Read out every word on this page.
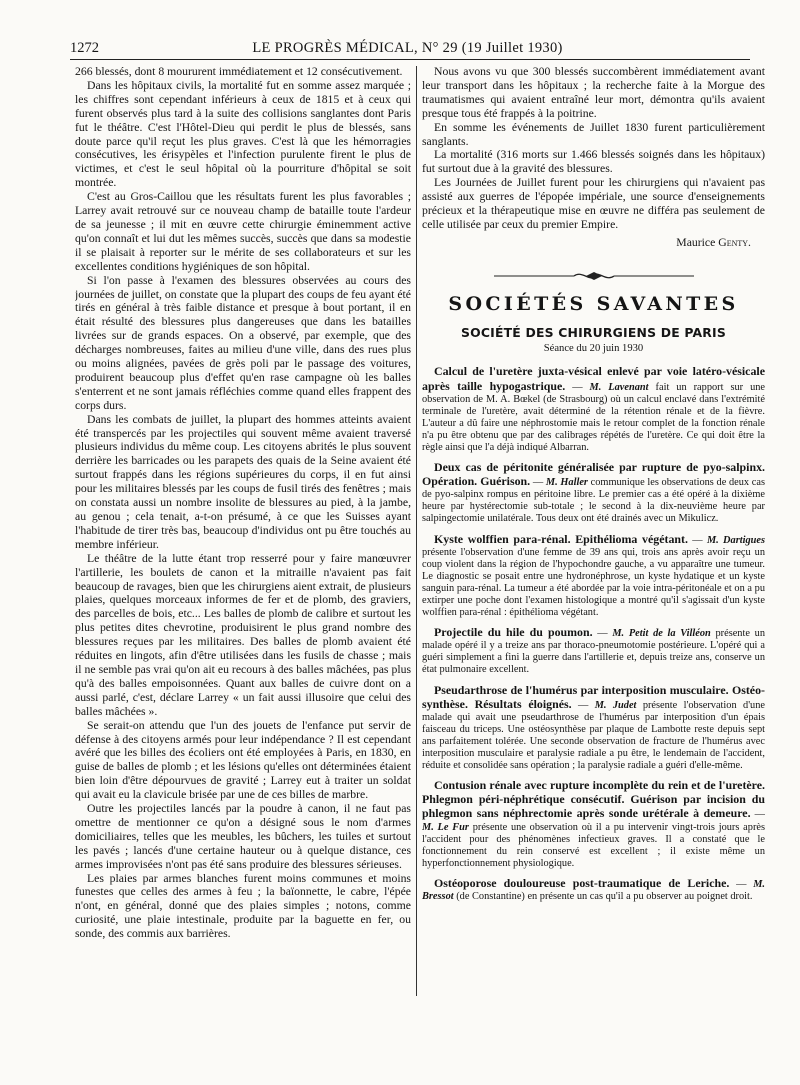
1272	LE PROGRÈS MÉDICAL, N° 29 (19 Juillet 1930)

266 blessés, dont 8 moururent immédiatement et 12 consécutivement.

Dans les hôpitaux civils, la mortalité fut en somme assez marquée ; les chiffres sont cependant inférieurs à ceux de 1815 et à ceux qui furent observés plus tard à la suite des collisions sanglantes dont Paris fut le théâtre. C'est l'Hôtel-Dieu qui perdit le plus de blessés, sans doute parce qu'il reçut les plus graves. C'est là que les hémorragies consécutives, les érisypèles et l'infection purulente firent le plus de victimes, et c'est le seul hôpital où la pourriture d'hôpital se soit montrée.

C'est au Gros-Caillou que les résultats furent les plus favorables ; Larrey avait retrouvé sur ce nouveau champ de bataille toute l'ardeur de sa jeunesse ; il mit en œuvre cette chirurgie éminemment active qu'on connaît et lui dut les mêmes succès, succès que dans sa modestie il se plaisait à reporter sur le mérite de ses collaborateurs et sur les excellentes conditions hygiéniques de son hôpital.

Si l'on passe à l'examen des blessures observées au cours des journées de juillet, on constate que la plupart des coups de feu ayant été tirés en général à très faible distance et presque à bout portant, il en était résulté des blessures plus dangereuses que dans les batailles livrées sur de grands espaces. On a observé, par exemple, que des décharges nombreuses, faites au milieu d'une ville, dans des rues plus ou moins alignées, pavées de grès poli par le passage des voitures, produirent beaucoup plus d'effet qu'en rase campagne où les balles s'enterrent et ne sont jamais réfléchies comme quand elles frappent des corps durs.

Dans les combats de juillet, la plupart des hommes atteints avaient été transpercés par les projectiles qui souvent même avaient traversé plusieurs individus du même coup. Les citoyens abrités le plus souvent derrière les barricades ou les parapets des quais de la Seine avaient été surtout frappés dans les régions supérieures du corps, il en fut ainsi pour les militaires blessés par les coups de fusil tirés des fenêtres ; mais on constata aussi un nombre insolite de blessures au pied, à la jambe, au genou ; cela tenait, a-t-on présumé, à ce que les Suisses ayant l'habitude de tirer très bas, beaucoup d'individus ont pu être touchés au membre inférieur.

Le théâtre de la lutte étant trop resserré pour y faire manœuvrer l'artillerie, les boulets de canon et la mitraille n'avaient pas fait beaucoup de ravages, bien que les chirurgiens aient extrait, de plusieurs plaies, quelques morceaux informes de fer et de plomb, des graviers, des parcelles de bois, etc... Les balles de plomb de calibre et surtout les plus petites dites chevrotine, produisirent le plus grand nombre des blessures reçues par les militaires. Des balles de plomb avaient été réduites en lingots, afin d'être utilisées dans les fusils de chasse ; mais il ne semble pas vrai qu'on ait eu recours à des balles mâchées, pas plus qu'à des balles empoisonnées. Quant aux balles de cuivre dont on a aussi parlé, c'est, déclare Larrey « un fait aussi illusoire que celui des balles mâchées ».

Se serait-on attendu que l'un des jouets de l'enfance put servir de défense à des citoyens armés pour leur indépendance ? Il est cependant avéré que les billes des écoliers ont été employées à Paris, en 1830, en guise de balles de plomb ; et les lésions qu'elles ont déterminées étaient bien loin d'être dépourvues de gravité ; Larrey eut à traiter un soldat qui avait eu la clavicule brisée par une de ces billes de marbre.

Outre les projectiles lancés par la poudre à canon, il ne faut pas omettre de mentionner ce qu'on a désigné sous le nom d'armes domiciliaires, telles que les meubles, les bûchers, les tuiles et surtout les pavés ; lancés d'une certaine hauteur ou à quelque distance, ces armes improvisées n'ont pas été sans produire des blessures sérieuses.

Les plaies par armes blanches furent moins communes et moins funestes que celles des armes à feu ; la baïonnette, le cabre, l'épée n'ont, en général, donné que des plaies simples ; notons, comme curiosité, une plaie intestinale, produite par la baguette en fer, ou sonde, des commis aux barrières.

Nous avons vu que 300 blessés succombèrent immédiatement avant leur transport dans les hôpitaux ; la recherche faite à la Morgue des traumatismes qui avaient entraîné leur mort, démontra qu'ils avaient presque tous été frappés à la poitrine.

En somme les événements de Juillet 1830 furent particulièrement sanglants.

La mortalité (316 morts sur 1.466 blessés soignés dans les hôpitaux) fut surtout due à la gravité des blessures.

Les Journées de Juillet furent pour les chirurgiens qui n'avaient pas assisté aux guerres de l'épopée impériale, une source d'enseignements précieux et la thérapeutique mise en œuvre ne différa pas seulement de celle utilisée par ceux du premier Empire.

Maurice Genty.
SOCIÉTÉS SAVANTES
SOCIÉTÉ DES CHIRURGIENS DE PARIS
Séance du 20 juin 1930
Calcul de l'uretère juxta-vésical enlevé par voie latéro-vésicale après taille hypogastrique. — M. Lavenant fait un rapport sur une observation de M. A. Bœkel (de Strasbourg) où un calcul enclavé dans l'extrémité terminale de l'uretère, avait déterminé de la rétention rénale et de la fièvre. L'auteur a dû faire une néphrostomie mais le retour complet de la fonction rénale n'a pu être obtenu que par des calibrages répétés de l'uretère. Ce qui doit être la règle ainsi que l'a déjà indiqué Albarran.
Deux cas de péritonite généralisée par rupture de pyo-salpinx. Opération. Guérison. — M. Haller communique les observations de deux cas de pyo-salpinx rompus en péritoine libre. Le premier cas a été opéré à la dixième heure par hystérectomie sub-totale ; le second à la dix-neuvième heure par salpingectomie unilatérale. Tous deux ont été drainés avec un Mikulicz.
Kyste wolffien para-rénal. Epithélioma végétant. — M. Dartigues présente l'observation d'une femme de 39 ans qui, trois ans après avoir reçu un coup violent dans la région de l'hypochondre gauche, a vu apparaître une tumeur. Le diagnostic se posait entre une hydronéphrose, un kyste hydatique et un kyste sanguin para-rénal. La tumeur a été abordée par la voie intra-péritonéale et on a pu extirper une poche dont l'examen histologique a montré qu'il s'agissait d'un kyste wolffien para-rénal : épithélioma végétant.
Projectile du hile du poumon. — M. Petit de la Villéon présente un malade opéré il y a treize ans par thoraco-pneumotomie postérieure. L'opéré qui a guéri simplement a fini la guerre dans l'artillerie et, depuis treize ans, conserve un état pulmonaire excellent.
Pseudarthrose de l'humérus par interposition musculaire. Ostéo-synthèse. Résultats éloignés. — M. Judet présente l'observation d'une malade qui avait une pseudarthrose de l'humérus par interposition d'un épais faisceau du triceps. Une ostéosynthèse par plaque de Lambotte reste depuis sept ans parfaitement tolérée. Une seconde observation de fracture de l'humérus avec interposition musculaire et paralysie radiale a pu être, le lendemain de l'accident, réduite et consolidée sans opération ; la paralysie radiale a guéri d'elle-même.
Contusion rénale avec rupture incomplète du rein et de l'uretère. Phlegmon péri-néphrétique consécutif. Guérison par incision du phlegmon sans néphrectomie après sonde urétérale à demeure. — M. Le Fur présente une observation où il a pu intervenir vingt-trois jours après l'accident pour des phénomènes infectieux graves. Il a constaté que le fonctionnement du rein conservé est excellent ; il existe même un hyperfonctionnement physiologique.
Ostéoporose douloureuse post-traumatique de Leriche. — M. Bressot (de Constantine) en présente un cas qu'il a pu observer au poignet droit.
